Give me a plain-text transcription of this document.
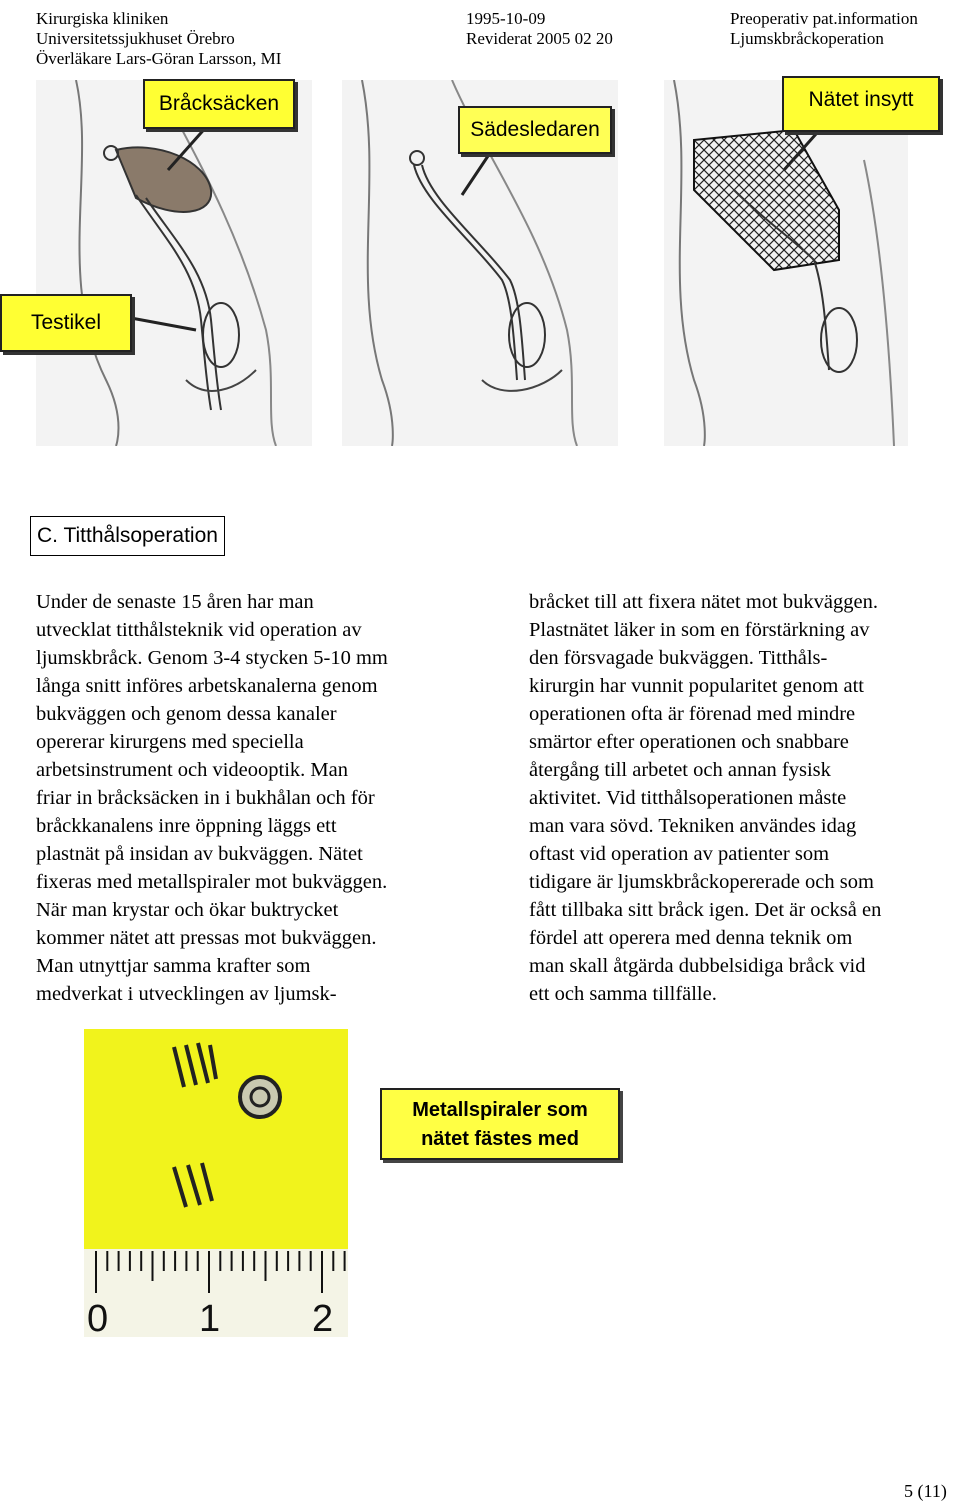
Kirurgiska kliniken
Universitetssjukhuset Örebro
Överläkare Lars-Göran Larsson, MI
1995-10-09
Reviderat 2005 02 20
Preoperativ pat.information
Ljumskbråckoperation
Bråcksäcken
Sädesledaren
Nätet insytt
Testikel
C. Titthålsoperation
Under de senaste 15 åren har man
utvecklat titthålsteknik vid operation av
ljumskbråck. Genom 3-4 stycken 5-10 mm
långa snitt införes arbetskanalerna genom
bukväggen och genom dessa kanaler
opererar kirurgens med speciella
arbetsinstrument och videooptik. Man
friar in bråcksäcken in i bukhålan och för
bråckkanalens inre öppning läggs ett
plastnät på insidan av bukväggen. Nätet
fixeras med metallspiraler mot bukväggen.
När man krystar och ökar buktrycket
kommer nätet att pressas mot bukväggen.
Man utnyttjar samma krafter som
medverkat i utvecklingen av ljumsk-
bråcket till att fixera nätet mot bukväggen.
Plastnätet läker in som en förstärkning av
den försvagade bukväggen. Titthåls-
kirurgin har vunnit popularitet genom att
operationen ofta är förenad med mindre
smärtor efter operationen och snabbare
återgång till arbetet och annan fysisk
aktivitet. Vid titthålsoperationen måste
man vara sövd. Tekniken användes idag
oftast vid operation av patienter som
tidigare är ljumskbråckopererade och som
fått tillbaka sitt bråck igen. Det är också en
fördel att operera med denna teknik om
man skall åtgärda dubbelsidiga bråck vid
ett och samma tillfälle.
0 1 2
Metallspiraler som
nätet fästes med
5 (11)
